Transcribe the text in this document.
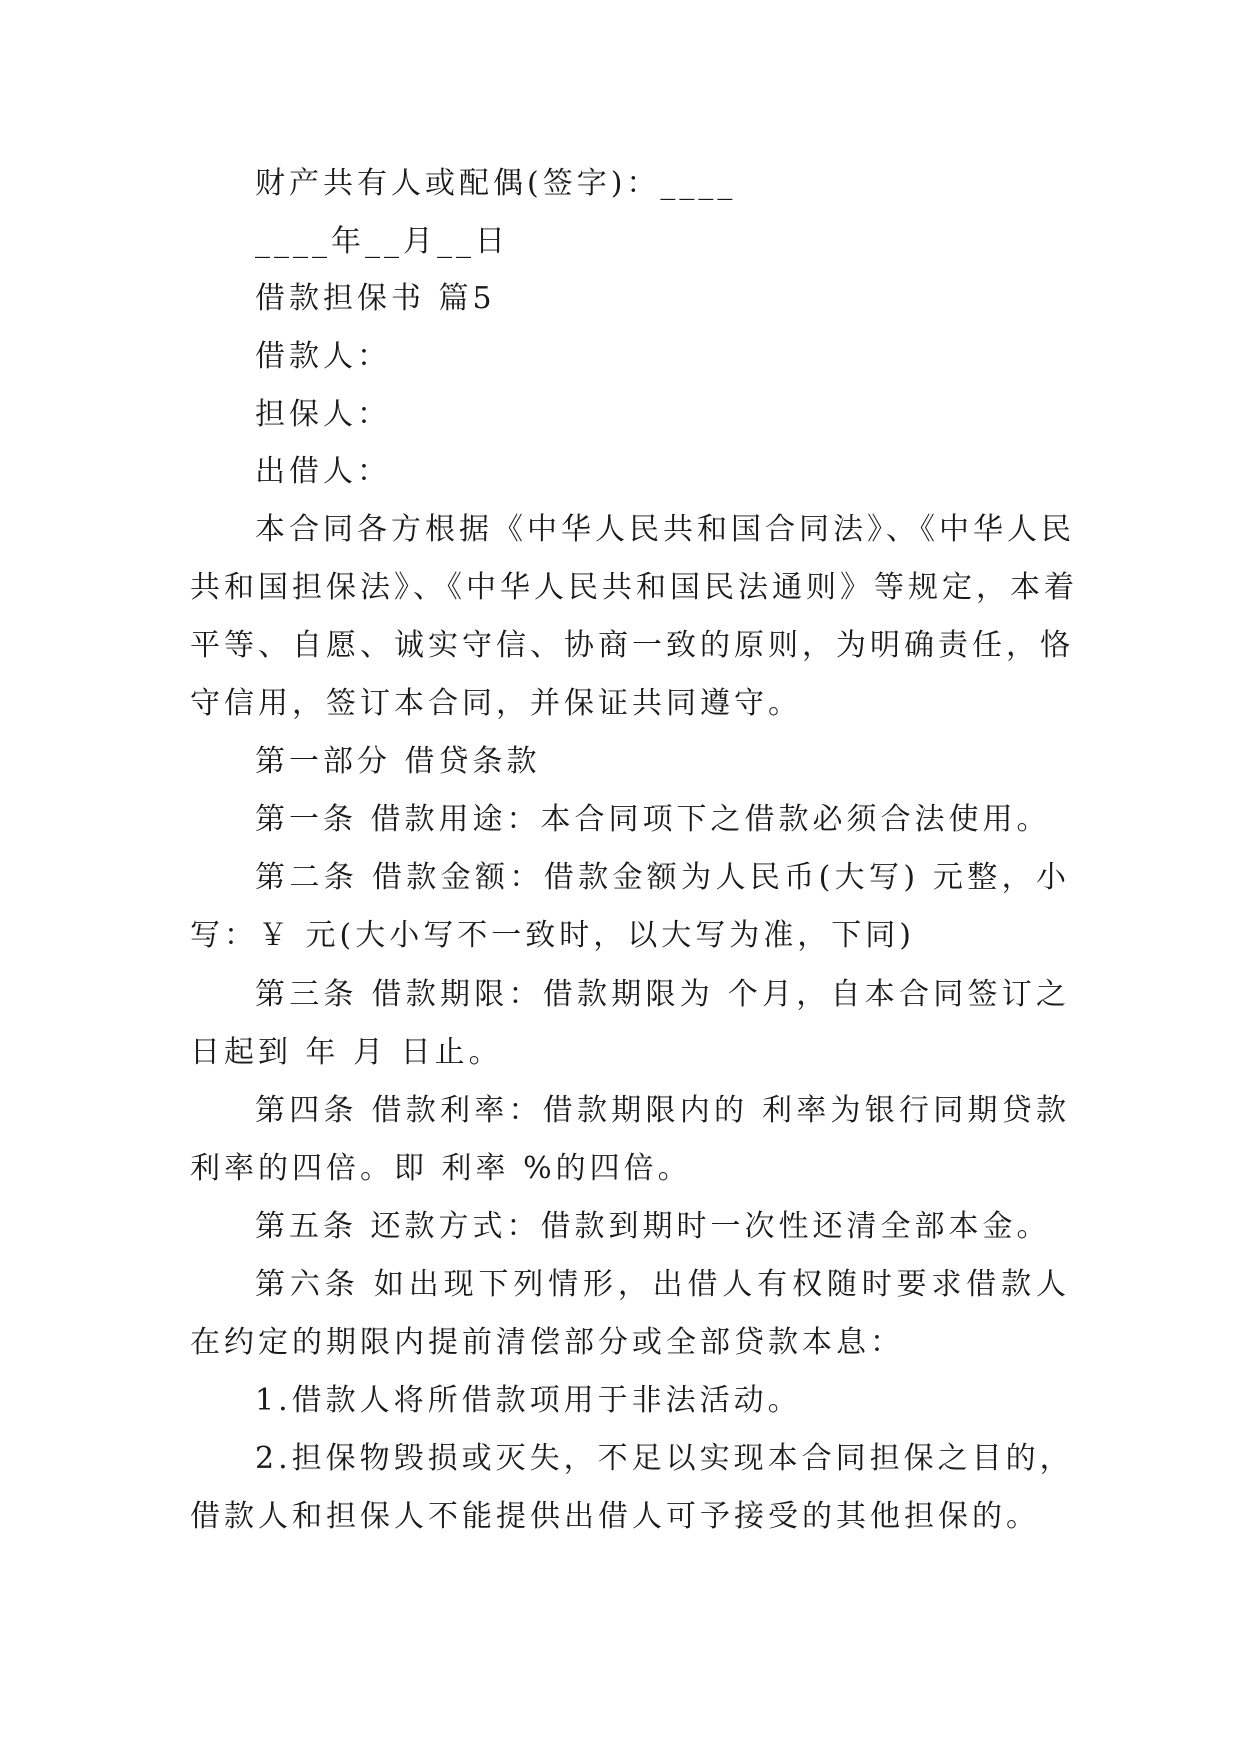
财产共有人或配偶(签字)：____

____年__月__日

借款担保书 篇5

借款人：

担保人：

出借人：

本合同各方根据《中华人民共和国合同法》、《中华人民

共和国担保法》、《中华人民共和国民法通则》等规定，本着

平等、自愿、诚实守信、协商一致的原则，为明确责任，恪

守信用，签订本合同，并保证共同遵守。

第一部分 借贷条款

第一条 借款用途：本合同项下之借款必须合法使用。

第二条 借款金额：借款金额为人民币(大写) 元整，小

写：￥ 元(大小写不一致时，以大写为准，下同)

第三条 借款期限：借款期限为 个月，自本合同签订之

日起到 年 月 日止。

第四条 借款利率：借款期限内的 利率为银行同期贷款

利率的四倍。即 利率 %的四倍。

第五条 还款方式：借款到期时一次性还清全部本金。

第六条 如出现下列情形，出借人有权随时要求借款人

在约定的期限内提前清偿部分或全部贷款本息：

1.借款人将所借款项用于非法活动。

2.担保物毁损或灭失，不足以实现本合同担保之目的，

借款人和担保人不能提供出借人可予接受的其他担保的。
